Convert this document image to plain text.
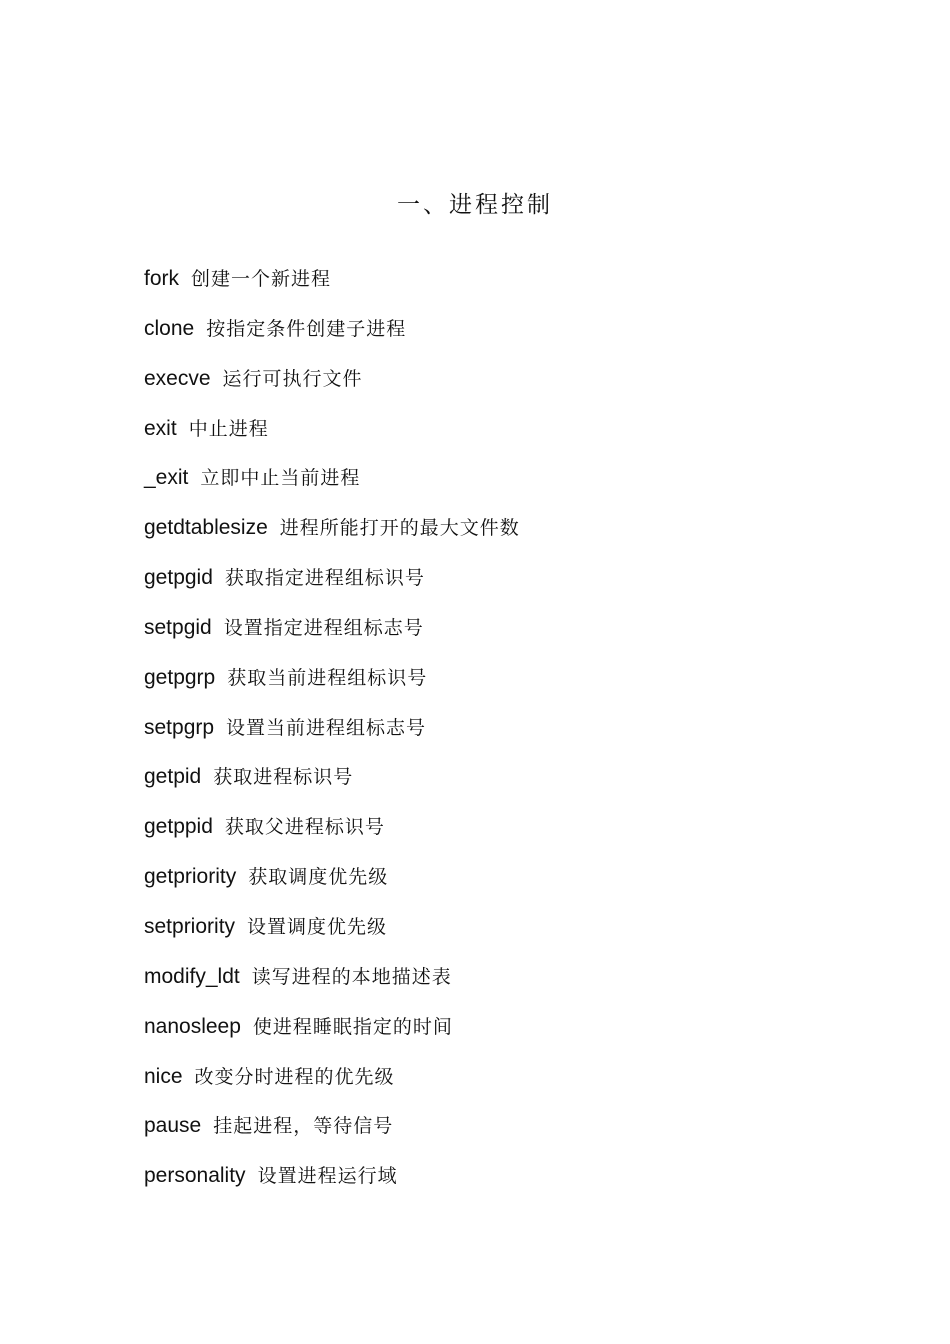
一、进程控制
fork 创建一个新进程
clone 按指定条件创建子进程
execve 运行可执行文件
exit 中止进程
_exit 立即中止当前进程
getdtablesize 进程所能打开的最大文件数
getpgid 获取指定进程组标识号
setpgid 设置指定进程组标志号
getpgrp 获取当前进程组标识号
setpgrp 设置当前进程组标志号
getpid 获取进程标识号
getppid 获取父进程标识号
getpriority 获取调度优先级
setpriority 设置调度优先级
modify_ldt 读写进程的本地描述表
nanosleep 使进程睡眠指定的时间
nice 改变分时进程的优先级
pause 挂起进程，等待信号
personality 设置进程运行域
